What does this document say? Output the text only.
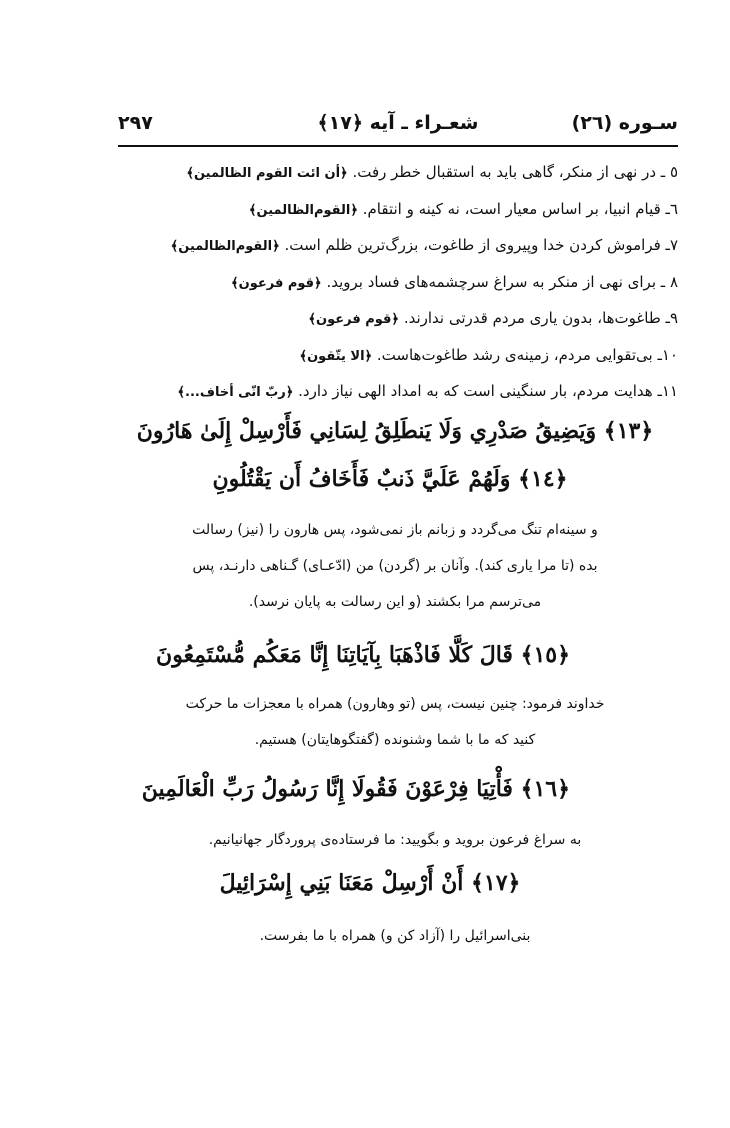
سـوره (٢٦)
شعـراء ـ آیه ﴿١٧﴾
٢٩٧
٥ ـ در نهی از منکر، گاهی باید به استقبال خطر رفت. ﴿أن ائت القوم الظالمین﴾
٦ـ قیام انبیا، بر اساس معیار است، نه کینه و انتقام. ﴿القوم‌الظالمین﴾
٧ـ فراموش کردن خدا وپیروی از طاغوت، بزرگ‌ترین ظلم است. ﴿القوم‌الظالمین﴾
٨ ـ برای نهی از منکر به سراغ سرچشمه‌های فساد بروید. ﴿قوم فرعون﴾
٩ـ طاغوت‌ها، بدون یاری مردم قدرتی ندارند. ﴿قوم فرعون﴾
١٠ـ بی‌تقوایی مردم، زمینه‌ی رشد طاغوت‌هاست. ﴿الا یتّقون﴾
١١ـ هدایت مردم، بار سنگینی است که به امداد الهی نیاز دارد. ﴿ربّ انّی أخاف...﴾
﴿١٣﴾ وَيَضِيقُ صَدْرِي وَلَا يَنطَلِقُ لِسَانِي فَأَرْسِلْ إِلَىٰ هَارُونَ
﴿١٤﴾ وَلَهُمْ عَلَيَّ ذَنبٌ فَأَخَافُ أَن يَقْتُلُونِ

و سینه‌ام تنگ می‌گردد و زبانم باز نمی‌شود، پس هارون را (نیز) رسالت

بده (تا مرا یاری کند). وآنان بر (گردن) من (ادّعـای) گـناهی دارنـد، پس

می‌ترسم مرا بکشند (و این رسالت به پایان نرسد).

﴿١٥﴾ قَالَ كَلَّا فَاذْهَبَا بِآيَاتِنَا إِنَّا مَعَكُم مُّسْتَمِعُونَ

خداوند فرمود: چنین نیست، پس (تو وهارون) همراه با معجزات ما حرکت

کنید که ما با شما وشنونده (گفتگوهایتان) هستیم.

﴿١٦﴾ فَأْتِيَا فِرْعَوْنَ فَقُولَا إِنَّا رَسُولُ رَبِّ الْعَالَمِينَ

به سراغ فرعون بروید و بگویید: ما فرستاده‌ی پروردگار جهانیانیم.

﴿١٧﴾ أَنْ أَرْسِلْ مَعَنَا بَنِي إِسْرَائِيلَ

بنی‌اسرائیل را (آزاد کن و) همراه با ما بفرست.
